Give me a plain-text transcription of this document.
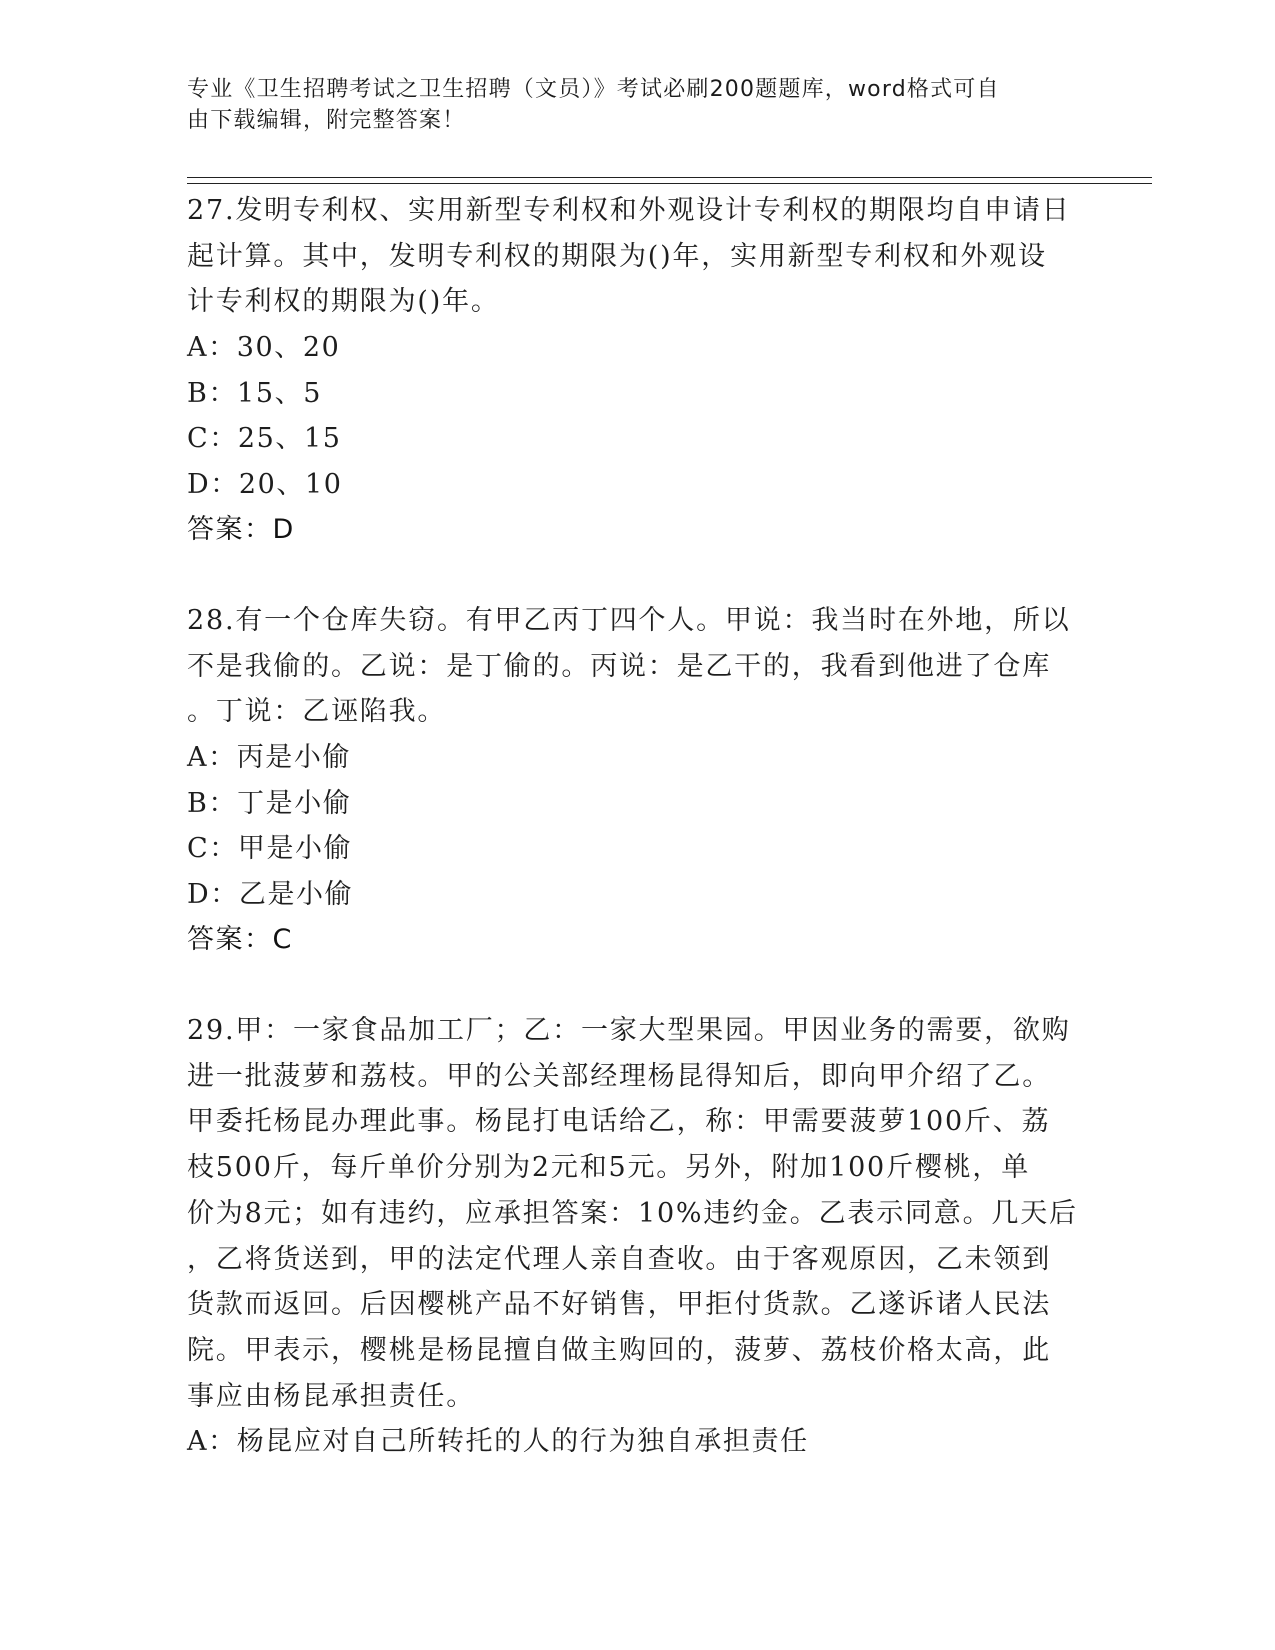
专业《卫生招聘考试之卫生招聘（文员）》考试必刷200题题库，word格式可自
由下载编辑，附完整答案！

27.发明专利权、实用新型专利权和外观设计专利权的期限均自申请日
起计算。其中，发明专利权的期限为()年，实用新型专利权和外观设
计专利权的期限为()年。

A：30、20
B：15、5
C：25、15
D：20、10
答案：D

28.有一个仓库失窃。有甲乙丙丁四个人。甲说：我当时在外地，所以
不是我偷的。乙说：是丁偷的。丙说：是乙干的，我看到他进了仓库
。丁说：乙诬陷我。

A：丙是小偷
B：丁是小偷
C：甲是小偷
D：乙是小偷
答案：C

29.甲：一家食品加工厂；乙：一家大型果园。甲因业务的需要，欲购
进一批菠萝和荔枝。甲的公关部经理杨昆得知后，即向甲介绍了乙。
甲委托杨昆办理此事。杨昆打电话给乙，称：甲需要菠萝100斤、荔
枝500斤，每斤单价分别为2元和5元。另外，附加100斤樱桃，单
价为8元；如有违约，应承担答案：10%违约金。乙表示同意。几天后
，乙将货送到，甲的法定代理人亲自查收。由于客观原因，乙未领到
货款而返回。后因樱桃产品不好销售，甲拒付货款。乙遂诉诸人民法
院。甲表示，樱桃是杨昆擅自做主购回的，菠萝、荔枝价格太高，此
事应由杨昆承担责任。

A：杨昆应对自己所转托的人的行为独自承担责任
